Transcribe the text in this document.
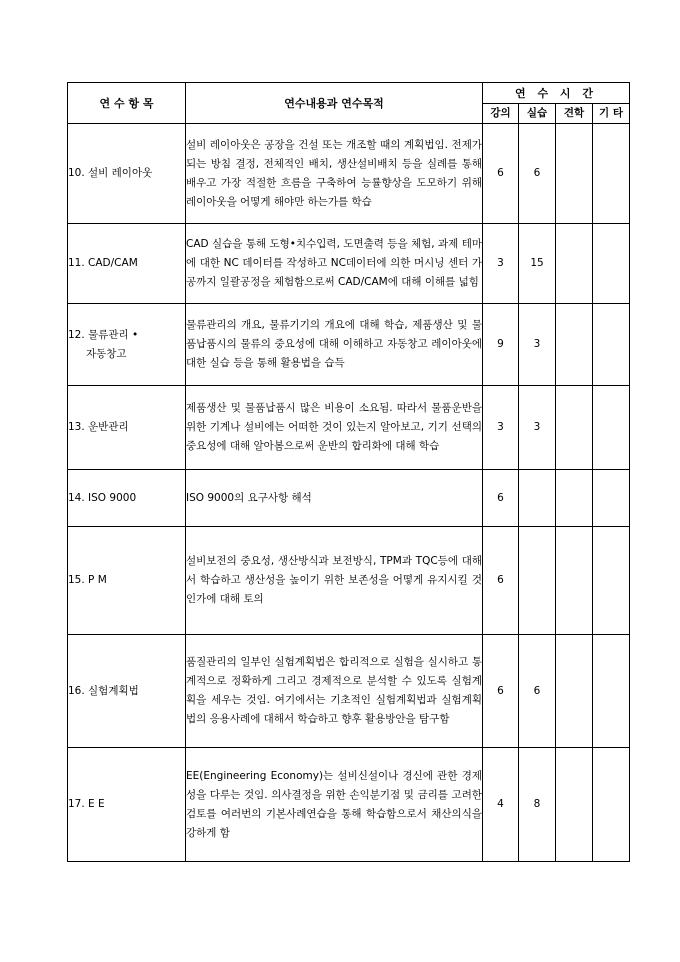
연 수 항 목	연수내용과 연수목적	연 수 시 간			
		강의	실습	견학	기 타
10. 설비 레이아웃	설비 레이아웃은 공장을 건설 또는 개조할 때의 계획법임. 전제가 되는 방침 결정, 전체적인 배치, 생산설비배치 등을 실례를 통해 배우고 가장 적절한 흐름을 구축하여 능률향상을 도모하기 위해 레이아웃을 어떻게 해야만 하는가를 학습	6	6		
11. CAD/CAM	CAD 실습을 통해 도형•치수입력, 도면출력 등을 체험, 과제 테마에 대한 NC 데이터를 작성하고 NC데이터에 의한 머시닝 센터 가공까지 일괄공정을 체험함으로써 CAD/CAM에 대해 이해를 넓힘	3	15		

12. 물류관리 •
자동창고	물류관리의 개요, 물류기기의 개요에 대해 학습, 제품생산 및 물품납품시의 물류의 중요성에 대해 이해하고 자동창고 레이아웃에 대한 실습 등을 통해 활용법을 습득	9	3		
13. 운반관리	제품생산 및 물품납품시 많은 비용이 소요됨. 따라서 물품운반을 위한 기계나 설비에는 어떠한 것이 있는지 알아보고, 기기 선택의 중요성에 대해 알아봄으로써 운반의 합리화에 대해 학습	3	3		
14. ISO 9000	ISO 9000의 요구사항 해석	6			
15. P M	설비보전의 중요성, 생산방식과 보전방식, TPM과 TQC등에 대해서 학습하고 생산성을 높이기 위한 보존성을 어떻게 유지시킬 것인가에 대해 토의	6			
16. 실험계획법	품질관리의 일부인 실험계획법은 합리적으로 실험을 실시하고 통계적으로 정확하게 그리고 경제적으로 분석할 수 있도록 실험계획을 세우는 것임. 여기에서는 기초적인 실험계획법과 실험계획법의 응용사례에 대해서 학습하고 향후 활용방안을 탐구함	6	6		
17. E E	EE(Engineering Economy)는 설비신설이나 경신에 관한 경제성을 다루는 것임. 의사결정을 위한 손익분기점 및 금리를 고려한 검토를 여러번의 기본사례연습을 통해 학습함으로서 채산의식을 강하게 함	4	8		
